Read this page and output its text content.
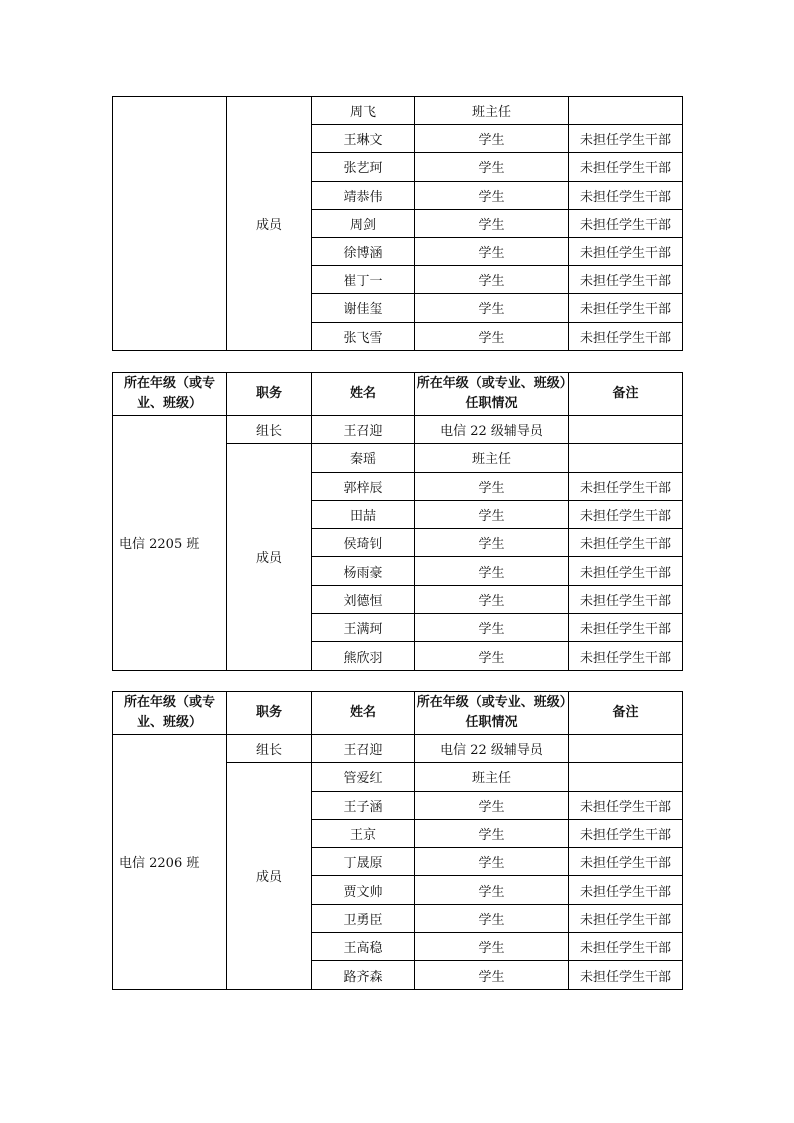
	成员	周飞	班主任	
		王琳文	学生	未担任学生干部
		张艺珂	学生	未担任学生干部
		靖恭伟	学生	未担任学生干部
		周剑	学生	未担任学生干部
		徐博涵	学生	未担任学生干部
		崔丁一	学生	未担任学生干部
		谢佳玺	学生	未担任学生干部
		张飞雪	学生	未担任学生干部
所在年级（或专业、班级）	职务	姓名	所在年级（或专业、班级）任职情况	备注
电信 2205 班	组长	王召迎	电信 22 级辅导员	
	成员	秦瑶	班主任	
		郭梓辰	学生	未担任学生干部
		田喆	学生	未担任学生干部
		侯琦钊	学生	未担任学生干部
		杨雨豪	学生	未担任学生干部
		刘德恒	学生	未担任学生干部
		王满珂	学生	未担任学生干部
		熊欣羽	学生	未担任学生干部
所在年级（或专业、班级）	职务	姓名	所在年级（或专业、班级）任职情况	备注
电信 2206 班	组长	王召迎	电信 22 级辅导员	
	成员	管爱红	班主任	
		王子涵	学生	未担任学生干部
		王京	学生	未担任学生干部
		丁晟原	学生	未担任学生干部
		贾文帅	学生	未担任学生干部
		卫勇臣	学生	未担任学生干部
		王高稳	学生	未担任学生干部
		路齐森	学生	未担任学生干部
